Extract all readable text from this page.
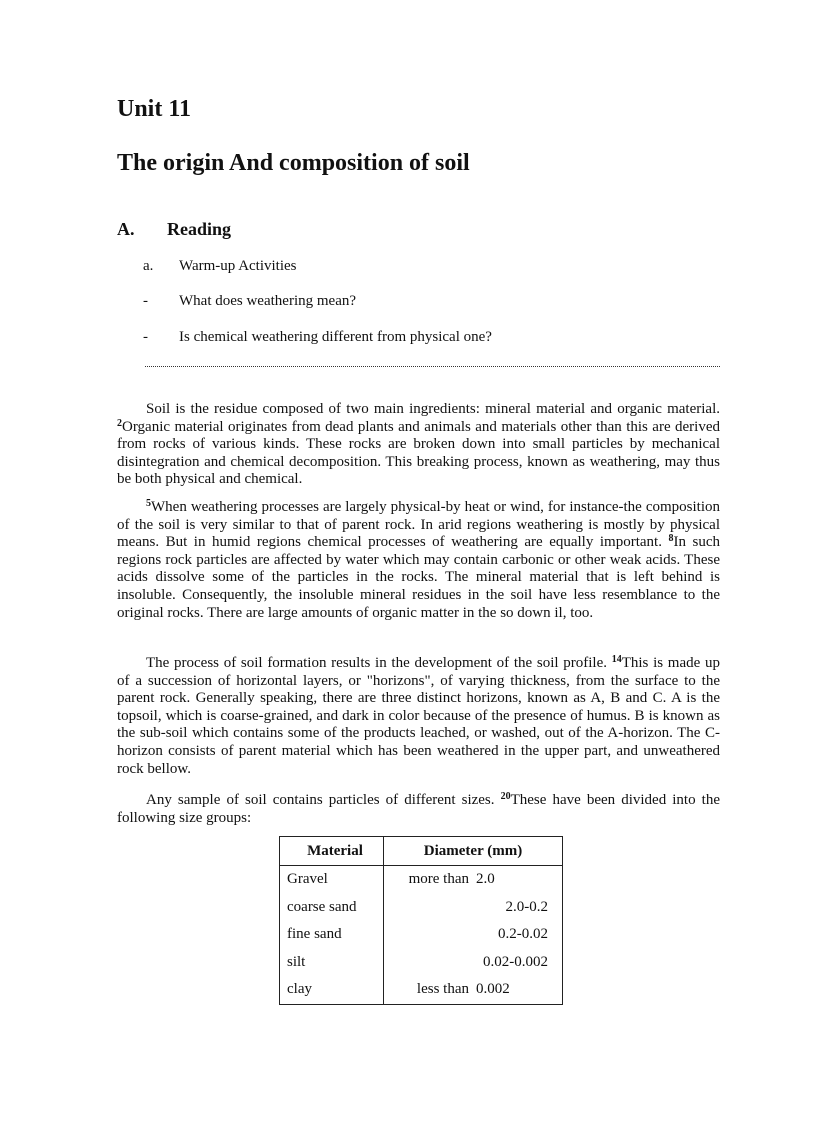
Unit 11
The origin And composition of soil
A. Reading
a. Warm-up Activities
- What does weathering mean?
- Is chemical weathering different from physical one?

Soil is the residue composed of two main ingredients: mineral material and organic material. $^2$Organic material originates from dead plants and animals and materials other than this are derived from rocks of various kinds. These rocks are broken down into small particles by mechanical disintegration and chemical decomposition. This breaking process, known as weathering, may thus be both physical and chemical.

$^5$When weathering processes are largely physical-by heat or wind, for instance-the composition of the soil is very similar to that of parent rock. In arid regions weathering is mostly by physical means. But in humid regions chemical processes of weathering are equally important. $^8$In such regions rock particles are affected by water which may contain carbonic or other weak acids. These acids dissolve some of the particles in the rocks. The mineral material that is left behind is insoluble. Consequently, the insoluble mineral residues in the soil have less resemblance to the original rocks. There are large amounts of organic matter in the so down il, too.

The process of soil formation results in the development of the soil profile. $^{14}$This is made up of a succession of horizontal layers, or "horizons", of varying thickness, from the surface to the parent rock. Generally speaking, there are three distinct horizons, known as A, B and C. A is the topsoil, which is coarse-grained, and dark in color because of the presence of humus. B is known as the sub-soil which contains some of the products leached, or washed, out of the A-horizon. The C-horizon consists of parent material which has been weathered in the upper part, and unweathered rock bellow.

Any sample of soil contains particles of different sizes. $^{20}$These have been divided into the following size groups:

Material	Diameter (mm)
Gravel	more than 2.0
coarse sand	2.0-0.2
fine sand	0.2-0.02
silt	0.02-0.002
clay	less than 0.002
